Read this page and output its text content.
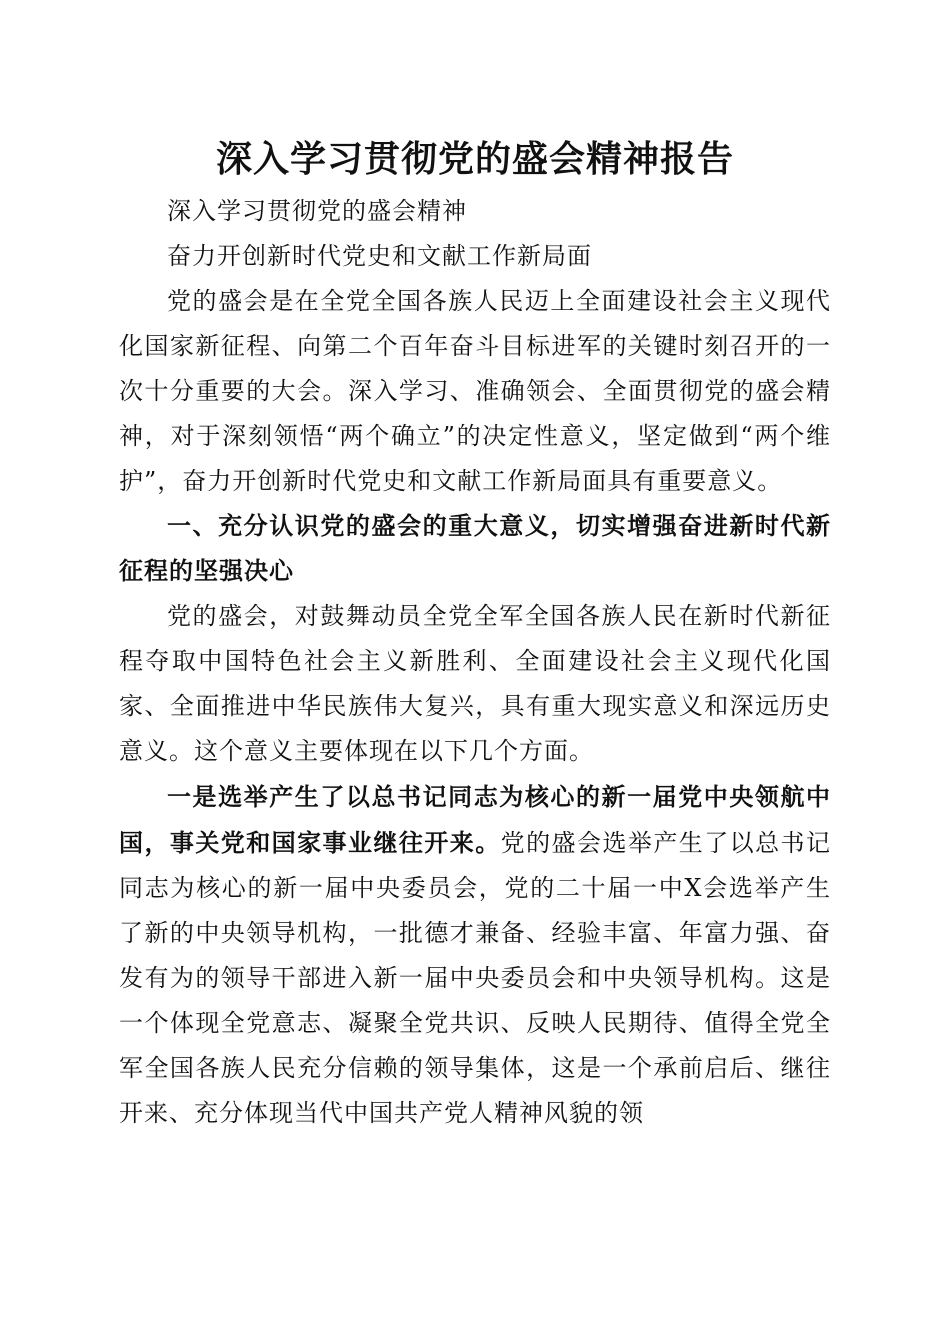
深入学习贯彻党的盛会精神报告

深入学习贯彻党的盛会精神

奋力开创新时代党史和文献工作新局面

党的盛会是在全党全国各族人民迈上全面建设社会主义现代化国家新征程、向第二个百年奋斗目标进军的关键时刻召开的一次十分重要的大会。深入学习、准确领会、全面贯彻党的盛会精神，对于深刻领悟“两个确立”的决定性意义，坚定做到“两个维护”，奋力开创新时代党史和文献工作新局面具有重要意义。

一、充分认识党的盛会的重大意义，切实增强奋进新时代新征程的坚强决心

党的盛会，对鼓舞动员全党全军全国各族人民在新时代新征程夺取中国特色社会主义新胜利、全面建设社会主义现代化国家、全面推进中华民族伟大复兴，具有重大现实意义和深远历史意义。这个意义主要体现在以下几个方面。

一是选举产生了以总书记同志为核心的新一届党中央领航中国，事关党和国家事业继往开来。党的盛会选举产生了以总书记同志为核心的新一届中央委员会，党的二十届一中X会选举产生了新的中央领导机构，一批德才兼备、经验丰富、年富力强、奋发有为的领导干部进入新一届中央委员会和中央领导机构。这是一个体现全党意志、凝聚全党共识、反映人民期待、值得全党全军全国各族人民充分信赖的领导集体，这是一个承前启后、继往开来、充分体现当代中国共产党人精神风貌的领
